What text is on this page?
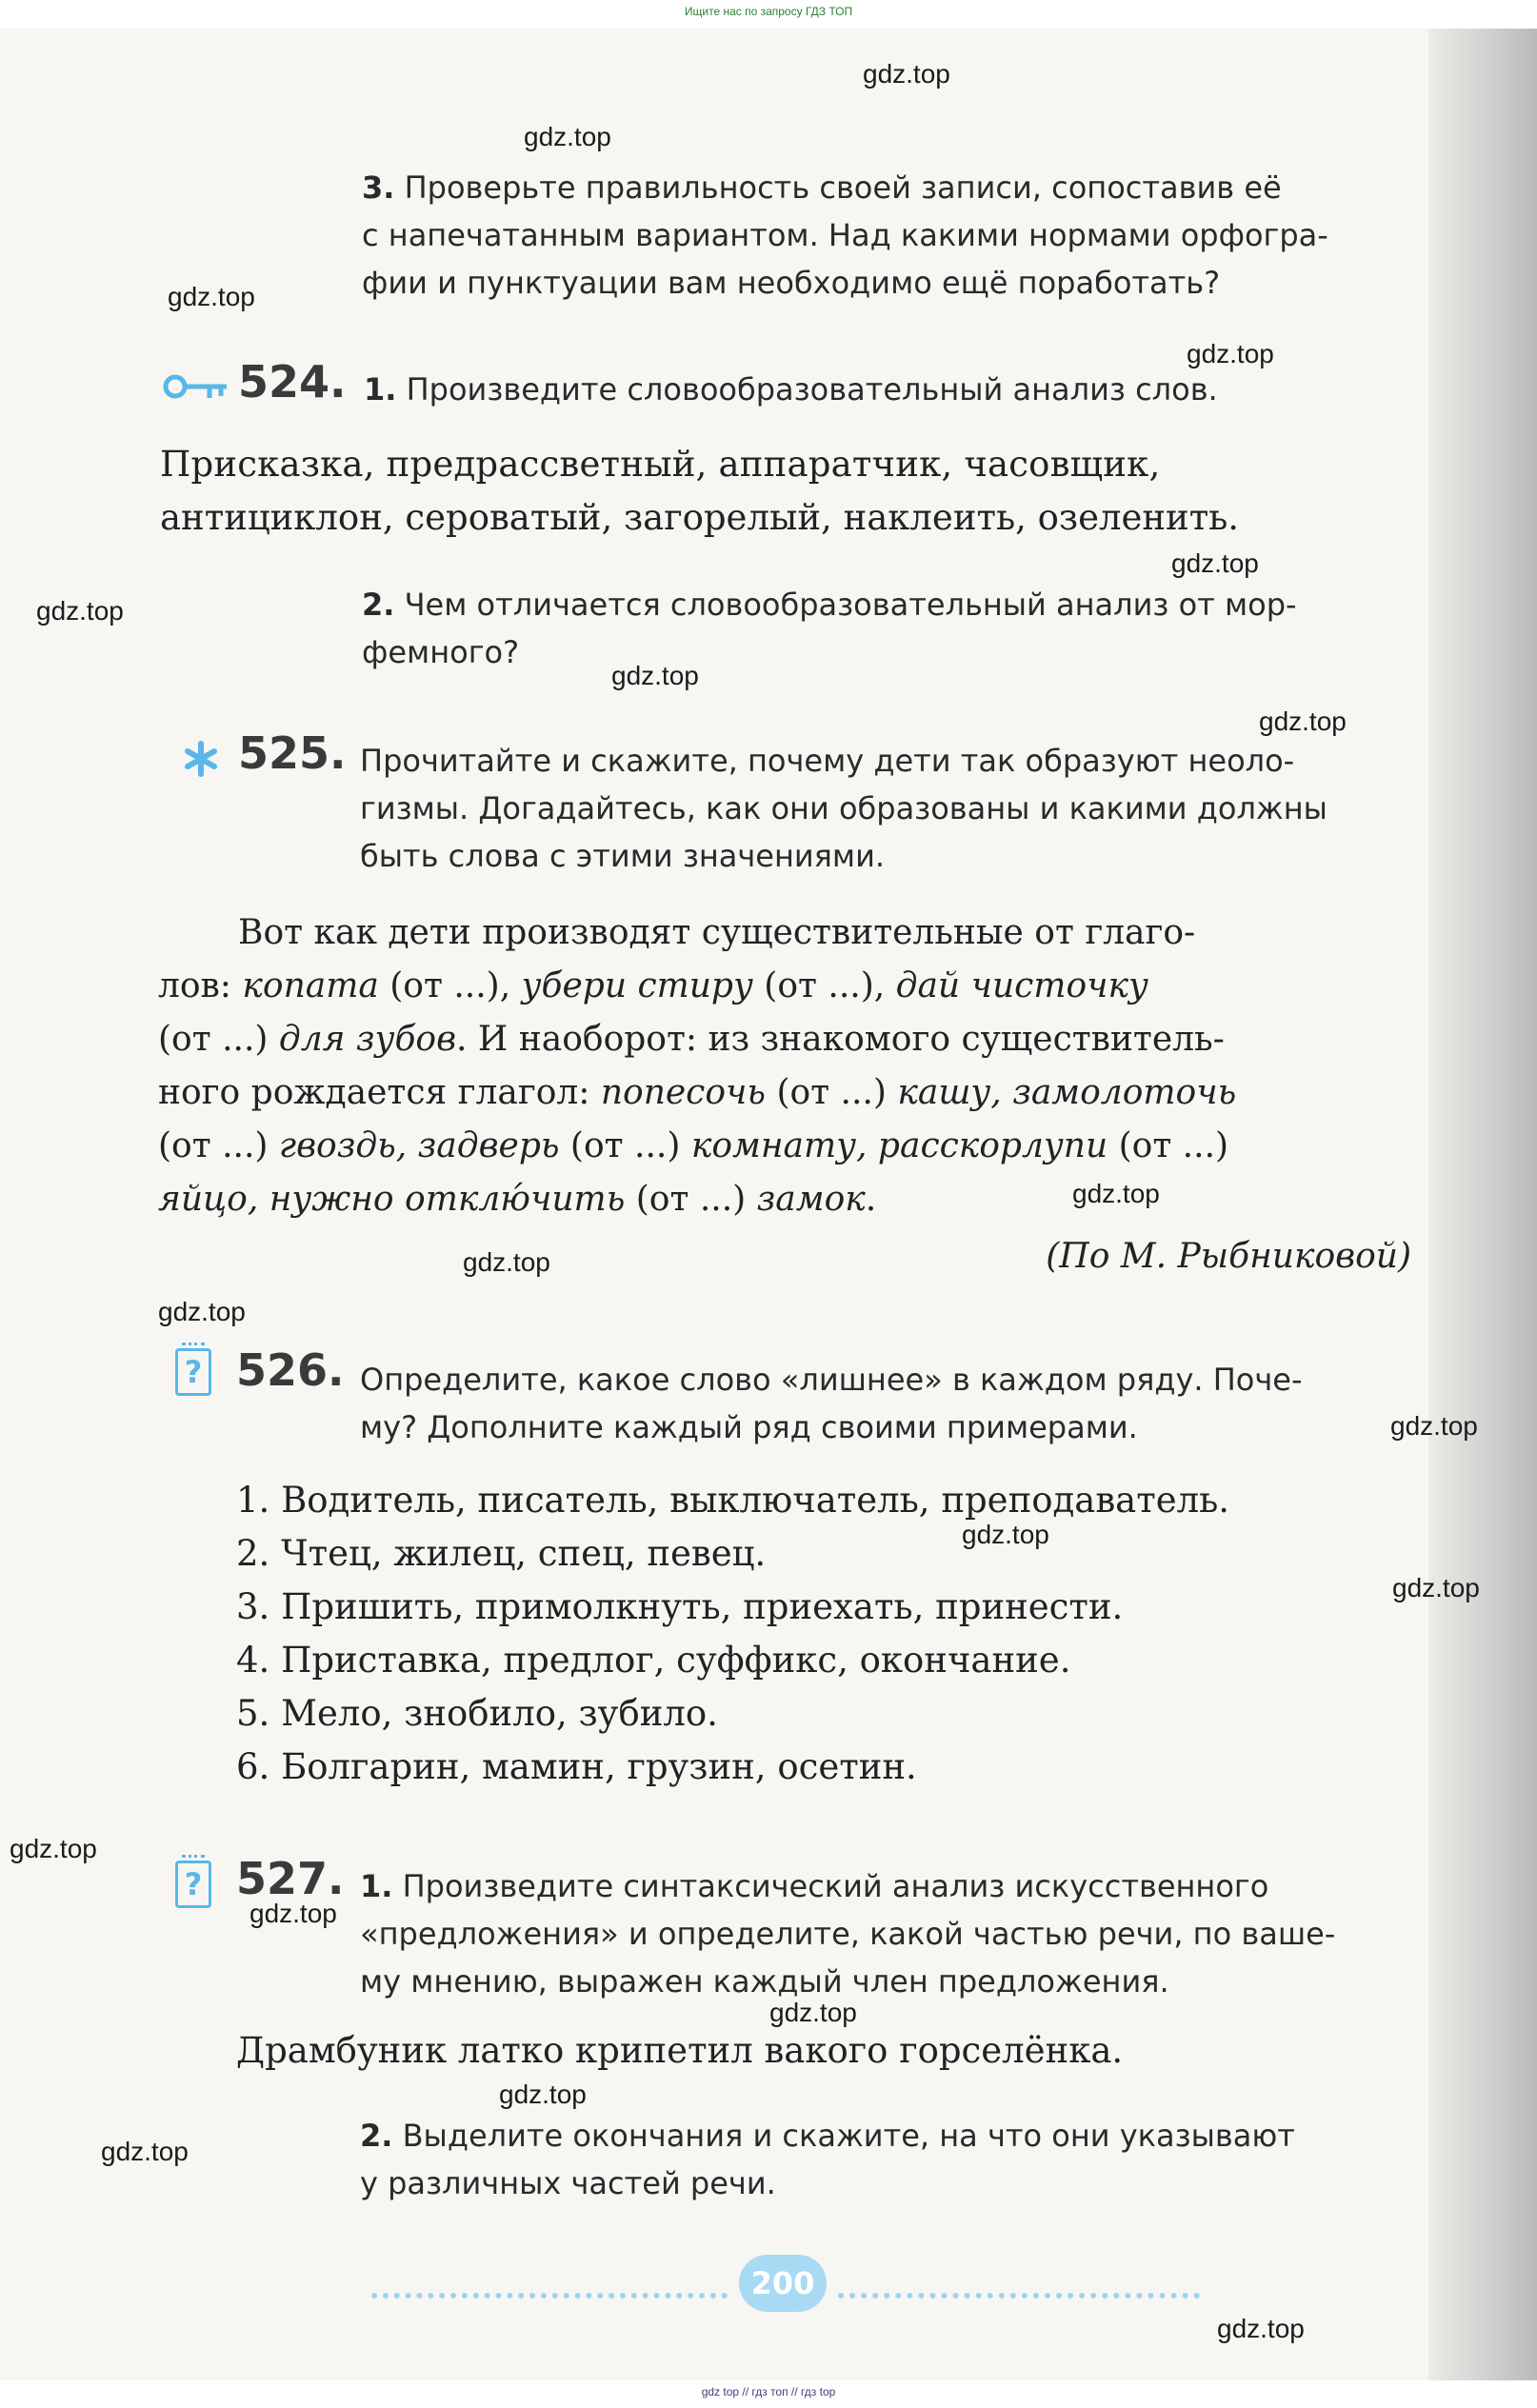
Ищите нас по запросу ГДЗ ТОП
gdz.top
gdz.top
gdz.top
gdz.top
gdz.top
gdz.top
gdz.top
gdz.top
gdz.top
gdz.top
gdz.top
gdz.top
gdz.top
gdz.top
gdz.top
gdz.top
gdz.top
gdz.top
gdz.top
gdz.top
3. Проверьте правильность своей записи, сопоставив её
с напечатанным вариантом. Над какими нормами орфогра-
фии и пунктуации вам необходимо ещё поработать?
524. 1. Произведите словообразовательный анализ слов.
Присказка, предрассветный, аппаратчик, часовщик,
антициклон, сероватый, загорелый, наклеить, озеленить.
2. Чем отличается словообразовательный анализ от мор-
фемного?
525. Прочитайте и скажите, почему дети так образуют неоло-
гизмы. Догадайтесь, как они образованы и какими должны
быть слова с этими значениями.
Вот как дети производят существительные от глаго-
лов: копата (от ...), убери стиру (от ...), дай чисточку
(от ...) для зубов. И наоборот: из знакомого существитель-
ного рождается глагол: попесочь (от ...) кашу, замолоточь
(от ...) гвоздь, задверь (от ...) комнату, расскорлупи (от ...)
яйцо, нужно отклю́чить (от ...) замок.
(По М. Рыбниковой)
? 526. Определите, какое слово «лишнее» в каждом ряду. Поче-
му? Дополните каждый ряд своими примерами.
1. Водитель, писатель, выключатель, преподаватель.
2. Чтец, жилец, спец, певец.
3. Пришить, примолкнуть, приехать, принести.
4. Приставка, предлог, суффикс, окончание.
5. Мело, знобило, зубило.
6. Болгарин, мамин, грузин, осетин.
? 527. 1. Произведите синтаксический анализ искусственного
«предложения» и определите, какой частью речи, по ваше-
му мнению, выражен каждый член предложения.
Драмбуник латко крипетил вакого горселёнка.
2. Выделите окончания и скажите, на что они указывают
у различных частей речи.
200
gdz top // гдз топ // гдз top
